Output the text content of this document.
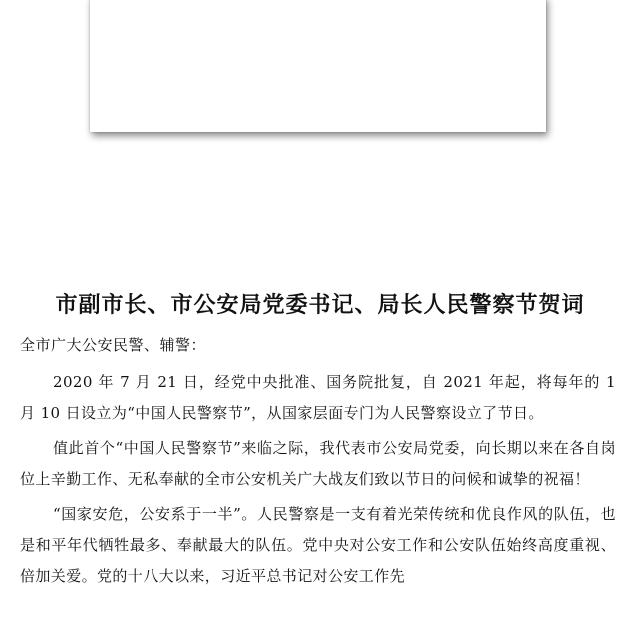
市副市长、市公安局党委书记、局长人民警察节贺词

全市广大公安民警、辅警：

2020 年 7 月 21 日，经党中央批准、国务院批复，自 2021 年起，将每年的 1 月 10 日设立为“中国人民警察节”，从国家层面专门为人民警察设立了节日。

值此首个“中国人民警察节”来临之际，我代表市公安局党委，向长期以来在各自岗位上辛勤工作、无私奉献的全市公安机关广大战友们致以节日的问候和诚挚的祝福！

“国家安危，公安系于一半”。人民警察是一支有着光荣传统和优良作风的队伍，也是和平年代牺牲最多、奉献最大的队伍。党中央对公安工作和公安队伍始终高度重视、倍加关爱。党的十八大以来，习近平总书记对公安工作先
